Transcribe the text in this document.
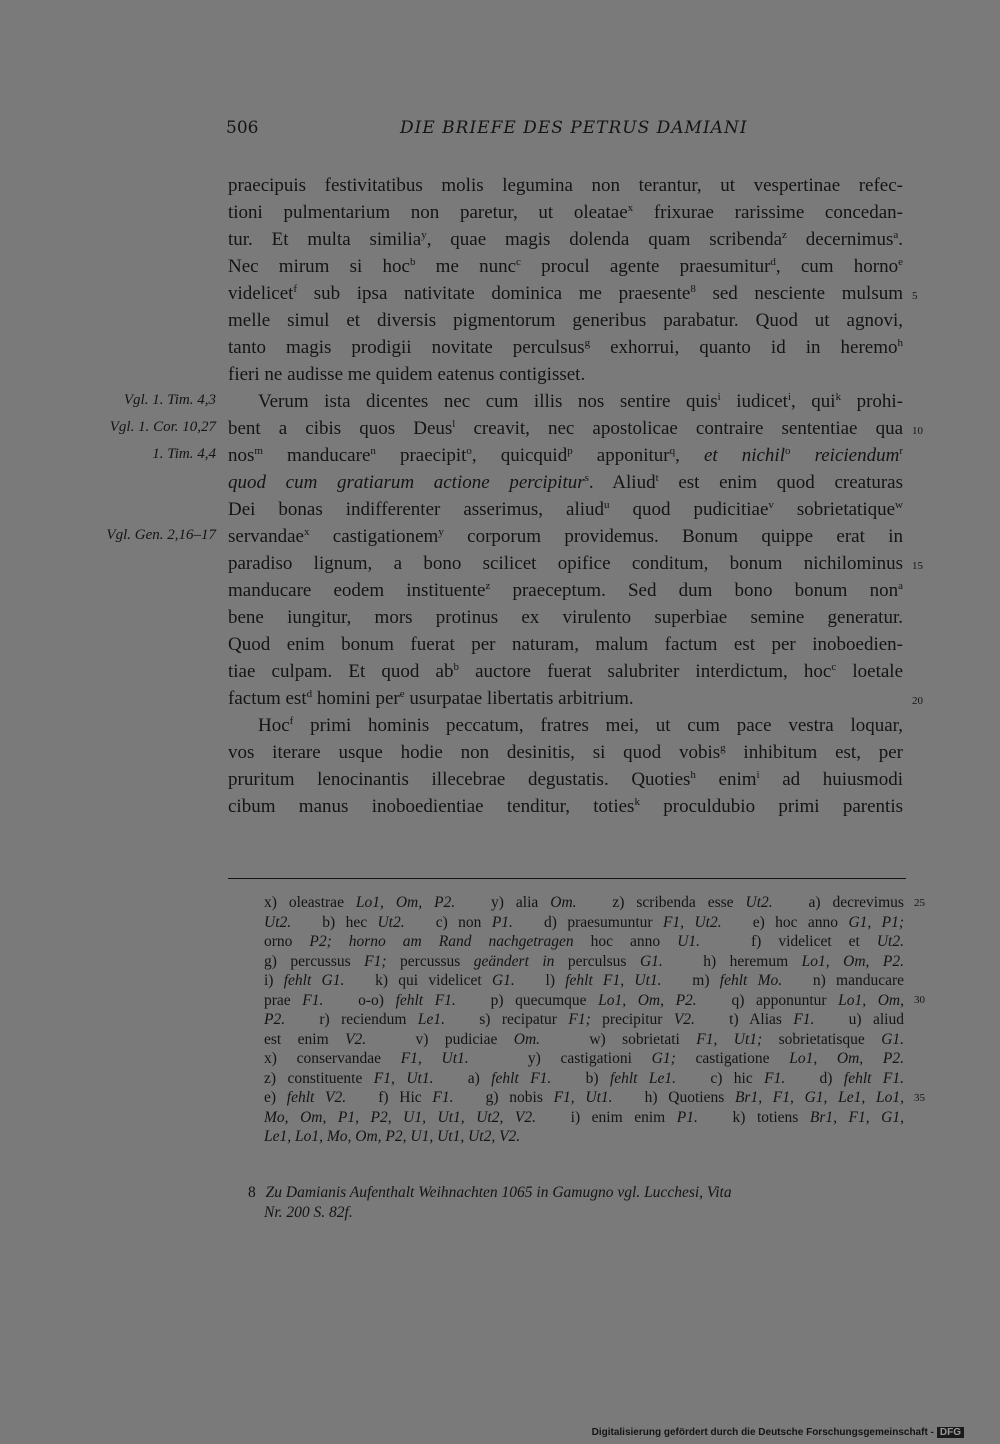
506	DIE BRIEFE DES PETRUS DAMIANI
praecipuis festivitatibus molis legumina non terantur, ut vespertinae refec-
tioni pulmentarium non paretur, ut oleatae$^x$ frixurae rarissime concedan-
tur. Et multa similia$^y$, quae magis dolenda quam scribenda$^z$ decernimus$^a$.
Nec mirum si hoc$^b$ me nunc$^c$ procul agente praesumitur$^d$, cum horno$^e$
videlicet$^f$ sub ipsa nativitate dominica me praesente$^8$ sed nesciente mulsum
melle simul et diversis pigmentorum generibus parabatur. Quod ut agnovi,
tanto magis prodigii novitate perculsus$^g$ exhorrui, quanto id in heremo$^h$
fieri ne audisse me quidem eatenus contigisset.
Verum ista dicentes nec cum illis nos sentire quis$^i$ iudicet$^i$, qui$^k$ prohi-
bent a cibis quos Deus$^l$ creavit, nec apostolicae contraire sententiae qua
nos$^m$ manducare$^n$ praecipit$^o$, quicquid$^p$ apponitur$^q$, et nichil$^o$ reiciendum$^r$
quod cum gratiarum actione percipitur$^s$. Aliud$^t$ est enim quod creaturas
Dei bonas indifferenter asserimus, aliud$^u$ quod pudicitiae$^v$ sobrietatique$^w$
servandae$^x$ castigationem$^y$ corporum providemus. Bonum quippe erat in
paradiso lignum, a bono scilicet opifice conditum, bonum nichilominus
manducare eodem instituente$^z$ praeceptum. Sed dum bono bonum non$^a$
bene iungitur, mors protinus ex virulento superbiae semine generatur.
Quod enim bonum fuerat per naturam, malum factum est per inoboedien-
tiae culpam. Et quod $ab^b$ auctore fuerat salubriter interdictum, hoc$^c$ loetale
factum est$^d$ homini per$^e$ usurpatae libertatis arbitrium.
Hoc$^f$ primi hominis peccatum, fratres mei, ut cum pace vestra loquar,
vos iterare usque hodie non desinitis, si quod vobis$^g$ inhibitum est, per
pruritum lenocinantis illecebrae degustatis. Quoties$^h$ enim$^i$ ad huiusmodi
cibum manus inoboedientiae tenditur, toties$^k$ proculdubio primi parentis
5
10
15
20
Vgl. 1. Tim. 4,3
Vgl. 1. Cor. 10,27
1. Tim. 4,4
Vgl. Gen. 2,16–17
x) oleastrae Lo1, Om, P2.   y) alia Om.   z) scribenda esse Ut2.   a) decrevimus
Ut2.   b) hec Ut2.   c) non P1.   d) praesumuntur F1, Ut2.   e) hoc anno G1, P1;
orno P2; horno am Rand nachgetragen hoc anno U1.   f) videlicet et Ut2.
g) percussus F1; percussus geändert in perculsus G1.   h) heremum Lo1, Om, P2.
i) fehlt G1.   k) qui videlicet G1.   l) fehlt F1, Ut1.   m) fehlt Mo.   n) manducare
prae F1.   o-o) fehlt F1.   p) quecumque Lo1, Om, P2.   q) apponuntur Lo1, Om,
P2.   r) reciendum Le1.   s) recipatur F1; precipitur V2.   t) Alias F1.   u) aliud
est enim V2.   v) pudiciae Om.   w) sobrietati F1, Ut1; sobrietatisque G1.
x) conservandae F1, Ut1.   y) castigationi G1; castigatione Lo1, Om, P2.
z) constituente F1, Ut1.   a) fehlt F1.   b) fehlt Le1.   c) hic F1.   d) fehlt F1.
e) fehlt V2.   f) Hic F1.   g) nobis F1, Ut1.   h) Quotiens Br1, F1, G1, Le1, Lo1,
Mo, Om, P1, P2, U1, Ut1, Ut2, V2.   i) enim enim P1.   k) totiens Br1, F1, G1,
Le1, Lo1, Mo, Om, P2, U1, Ut1, Ut2, V2.
25
30
35
8 Zu Damianis Aufenthalt Weihnachten 1065 in Gamugno vgl. Lucchesi, Vita
Nr. 200 S. 82f.
Digitalisierung gefördert durch die Deutsche Forschungsgemeinschaft - DFG
